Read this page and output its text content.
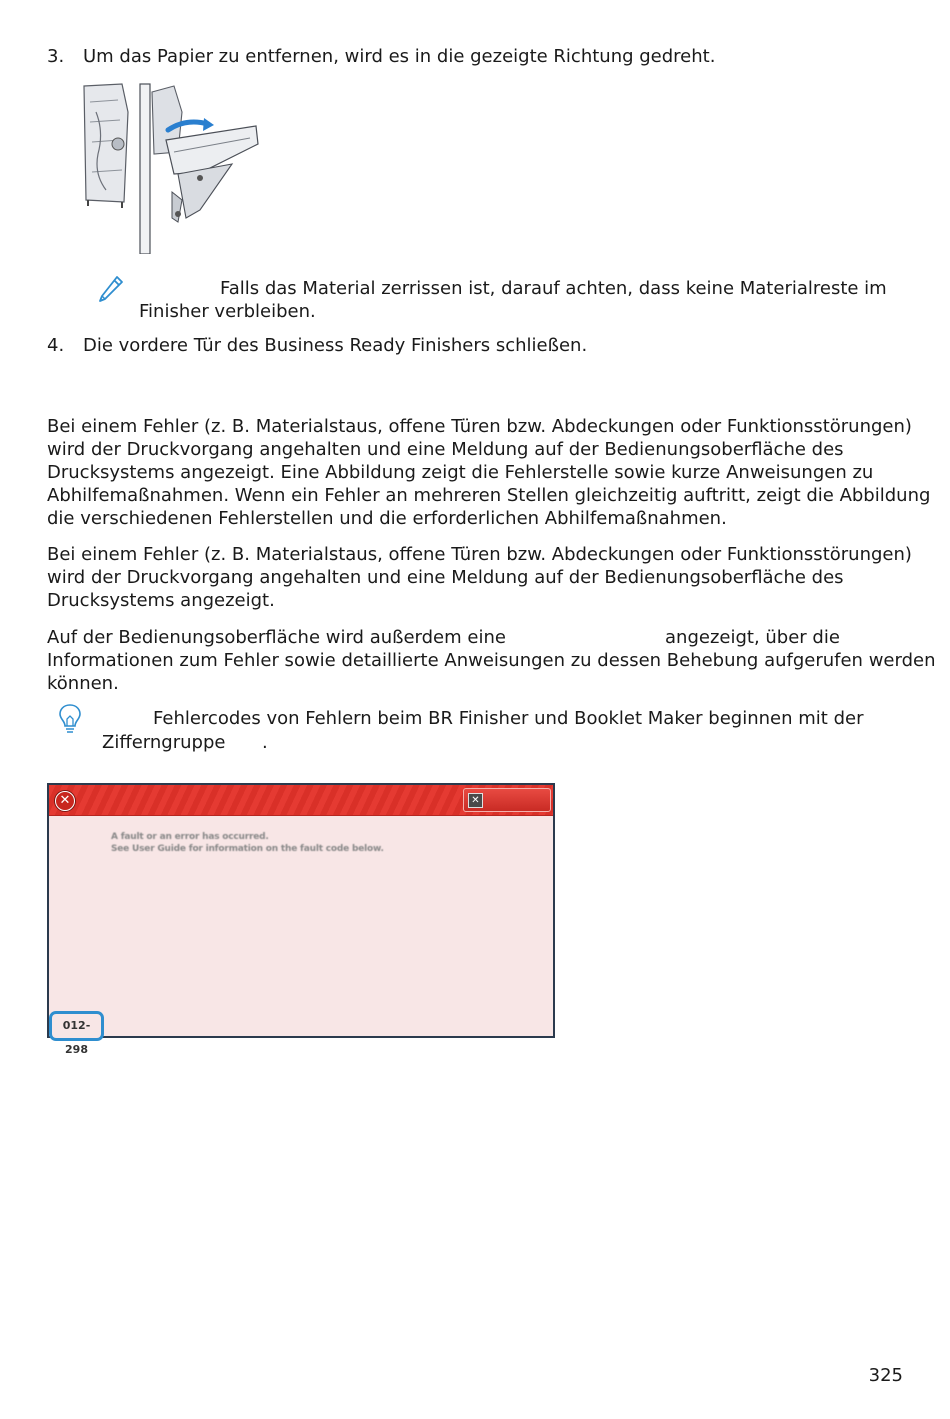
3. Um das Papier zu entfernen, wird es in die gezeigte Richtung gedreht.
Falls das Material zerrissen ist, darauf achten, dass keine Materialreste im
Finisher verbleiben.
4. Die vordere Tür des Business Ready Finishers schließen.
Bei einem Fehler (z. B. Materialstaus, offene Türen bzw. Abdeckungen oder Funktionsstörungen)
wird der Druckvorgang angehalten und eine Meldung auf der Bedienungsoberfläche des
Drucksystems angezeigt. Eine Abbildung zeigt die Fehlerstelle sowie kurze Anweisungen zu
Abhilfemaßnahmen. Wenn ein Fehler an mehreren Stellen gleichzeitig auftritt, zeigt die Abbildung
die verschiedenen Fehlerstellen und die erforderlichen Abhilfemaßnahmen.
Bei einem Fehler (z. B. Materialstaus, offene Türen bzw. Abdeckungen oder Funktionsstörungen)
wird der Druckvorgang angehalten und eine Meldung auf der Bedienungsoberfläche des
Drucksystems angezeigt.
Auf der Bedienungsoberfläche wird außerdem eine	angezeigt, über die
Informationen zum Fehler sowie detaillierte Anweisungen zu dessen Behebung aufgerufen werden
können.
Fehlercodes von Fehlern beim BR Finisher und Booklet Maker beginnen mit der
Zifferngruppe .
✕	✕
A fault or an error has occurred.
See User Guide for information on the fault code below.
012-298
325
